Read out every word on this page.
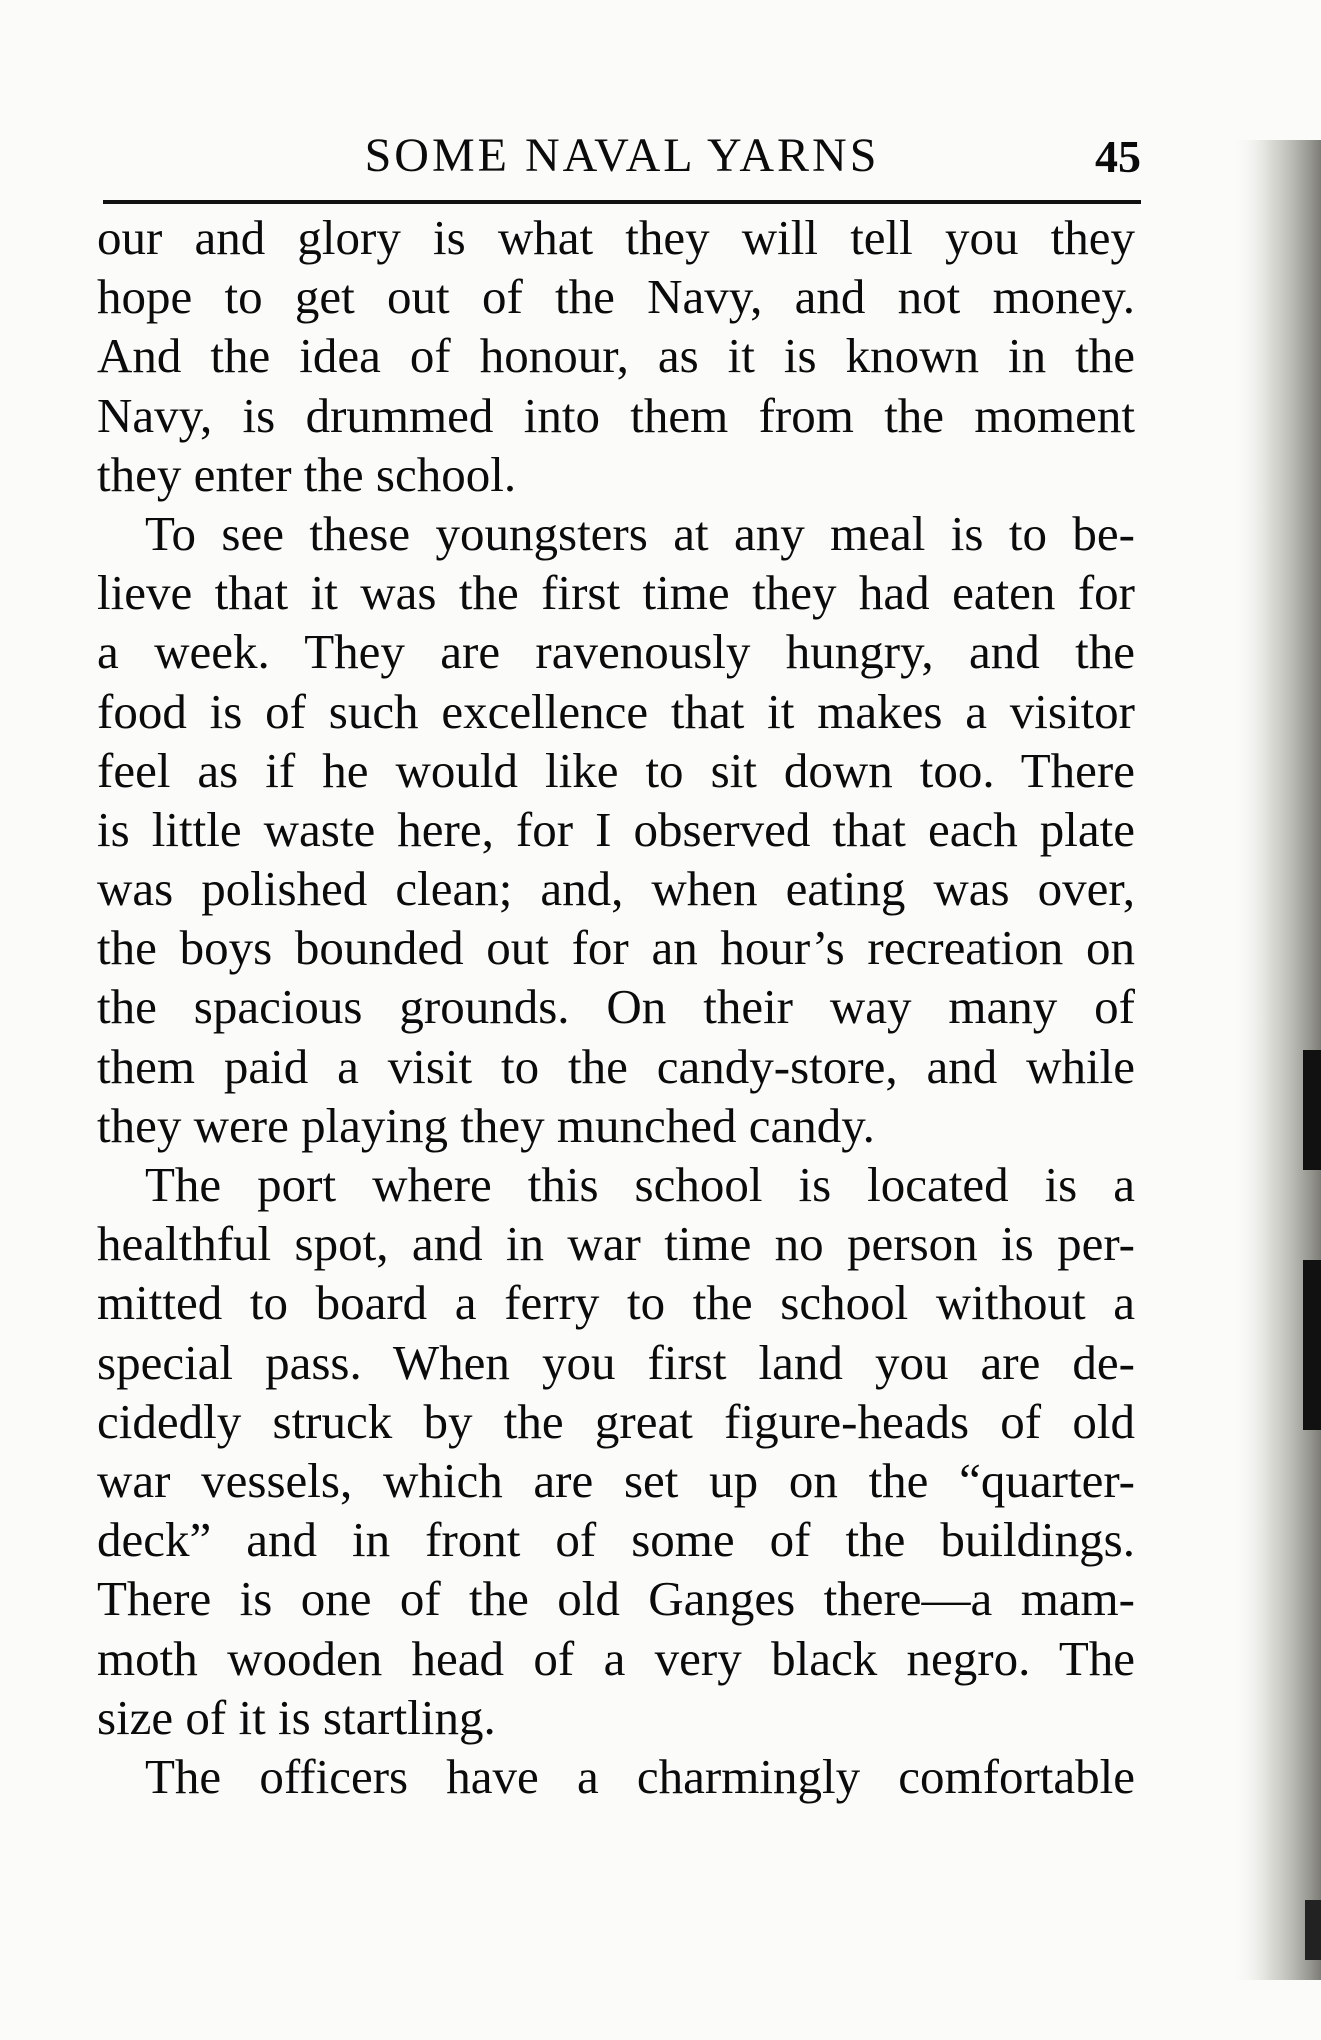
SOME NAVAL YARNS	45
our and glory is what they will tell you they
hope to get out of the Navy, and not money.
And the idea of honour, as it is known in the
Navy, is drummed into them from the moment
they enter the school.
To see these youngsters at any meal is to be-
lieve that it was the first time they had eaten for
a week. They are ravenously hungry, and the
food is of such excellence that it makes a visitor
feel as if he would like to sit down too. There
is little waste here, for I observed that each plate
was polished clean; and, when eating was over,
the boys bounded out for an hour’s recreation on
the spacious grounds. On their way many of
them paid a visit to the candy-store, and while
they were playing they munched candy.
The port where this school is located is a
healthful spot, and in war time no person is per-
mitted to board a ferry to the school without a
special pass. When you first land you are de-
cidedly struck by the great figure-heads of old
war vessels, which are set up on the “quarter-
deck” and in front of some of the buildings.
There is one of the old Ganges there—a mam-
moth wooden head of a very black negro. The
size of it is startling.
The officers have a charmingly comfortable
